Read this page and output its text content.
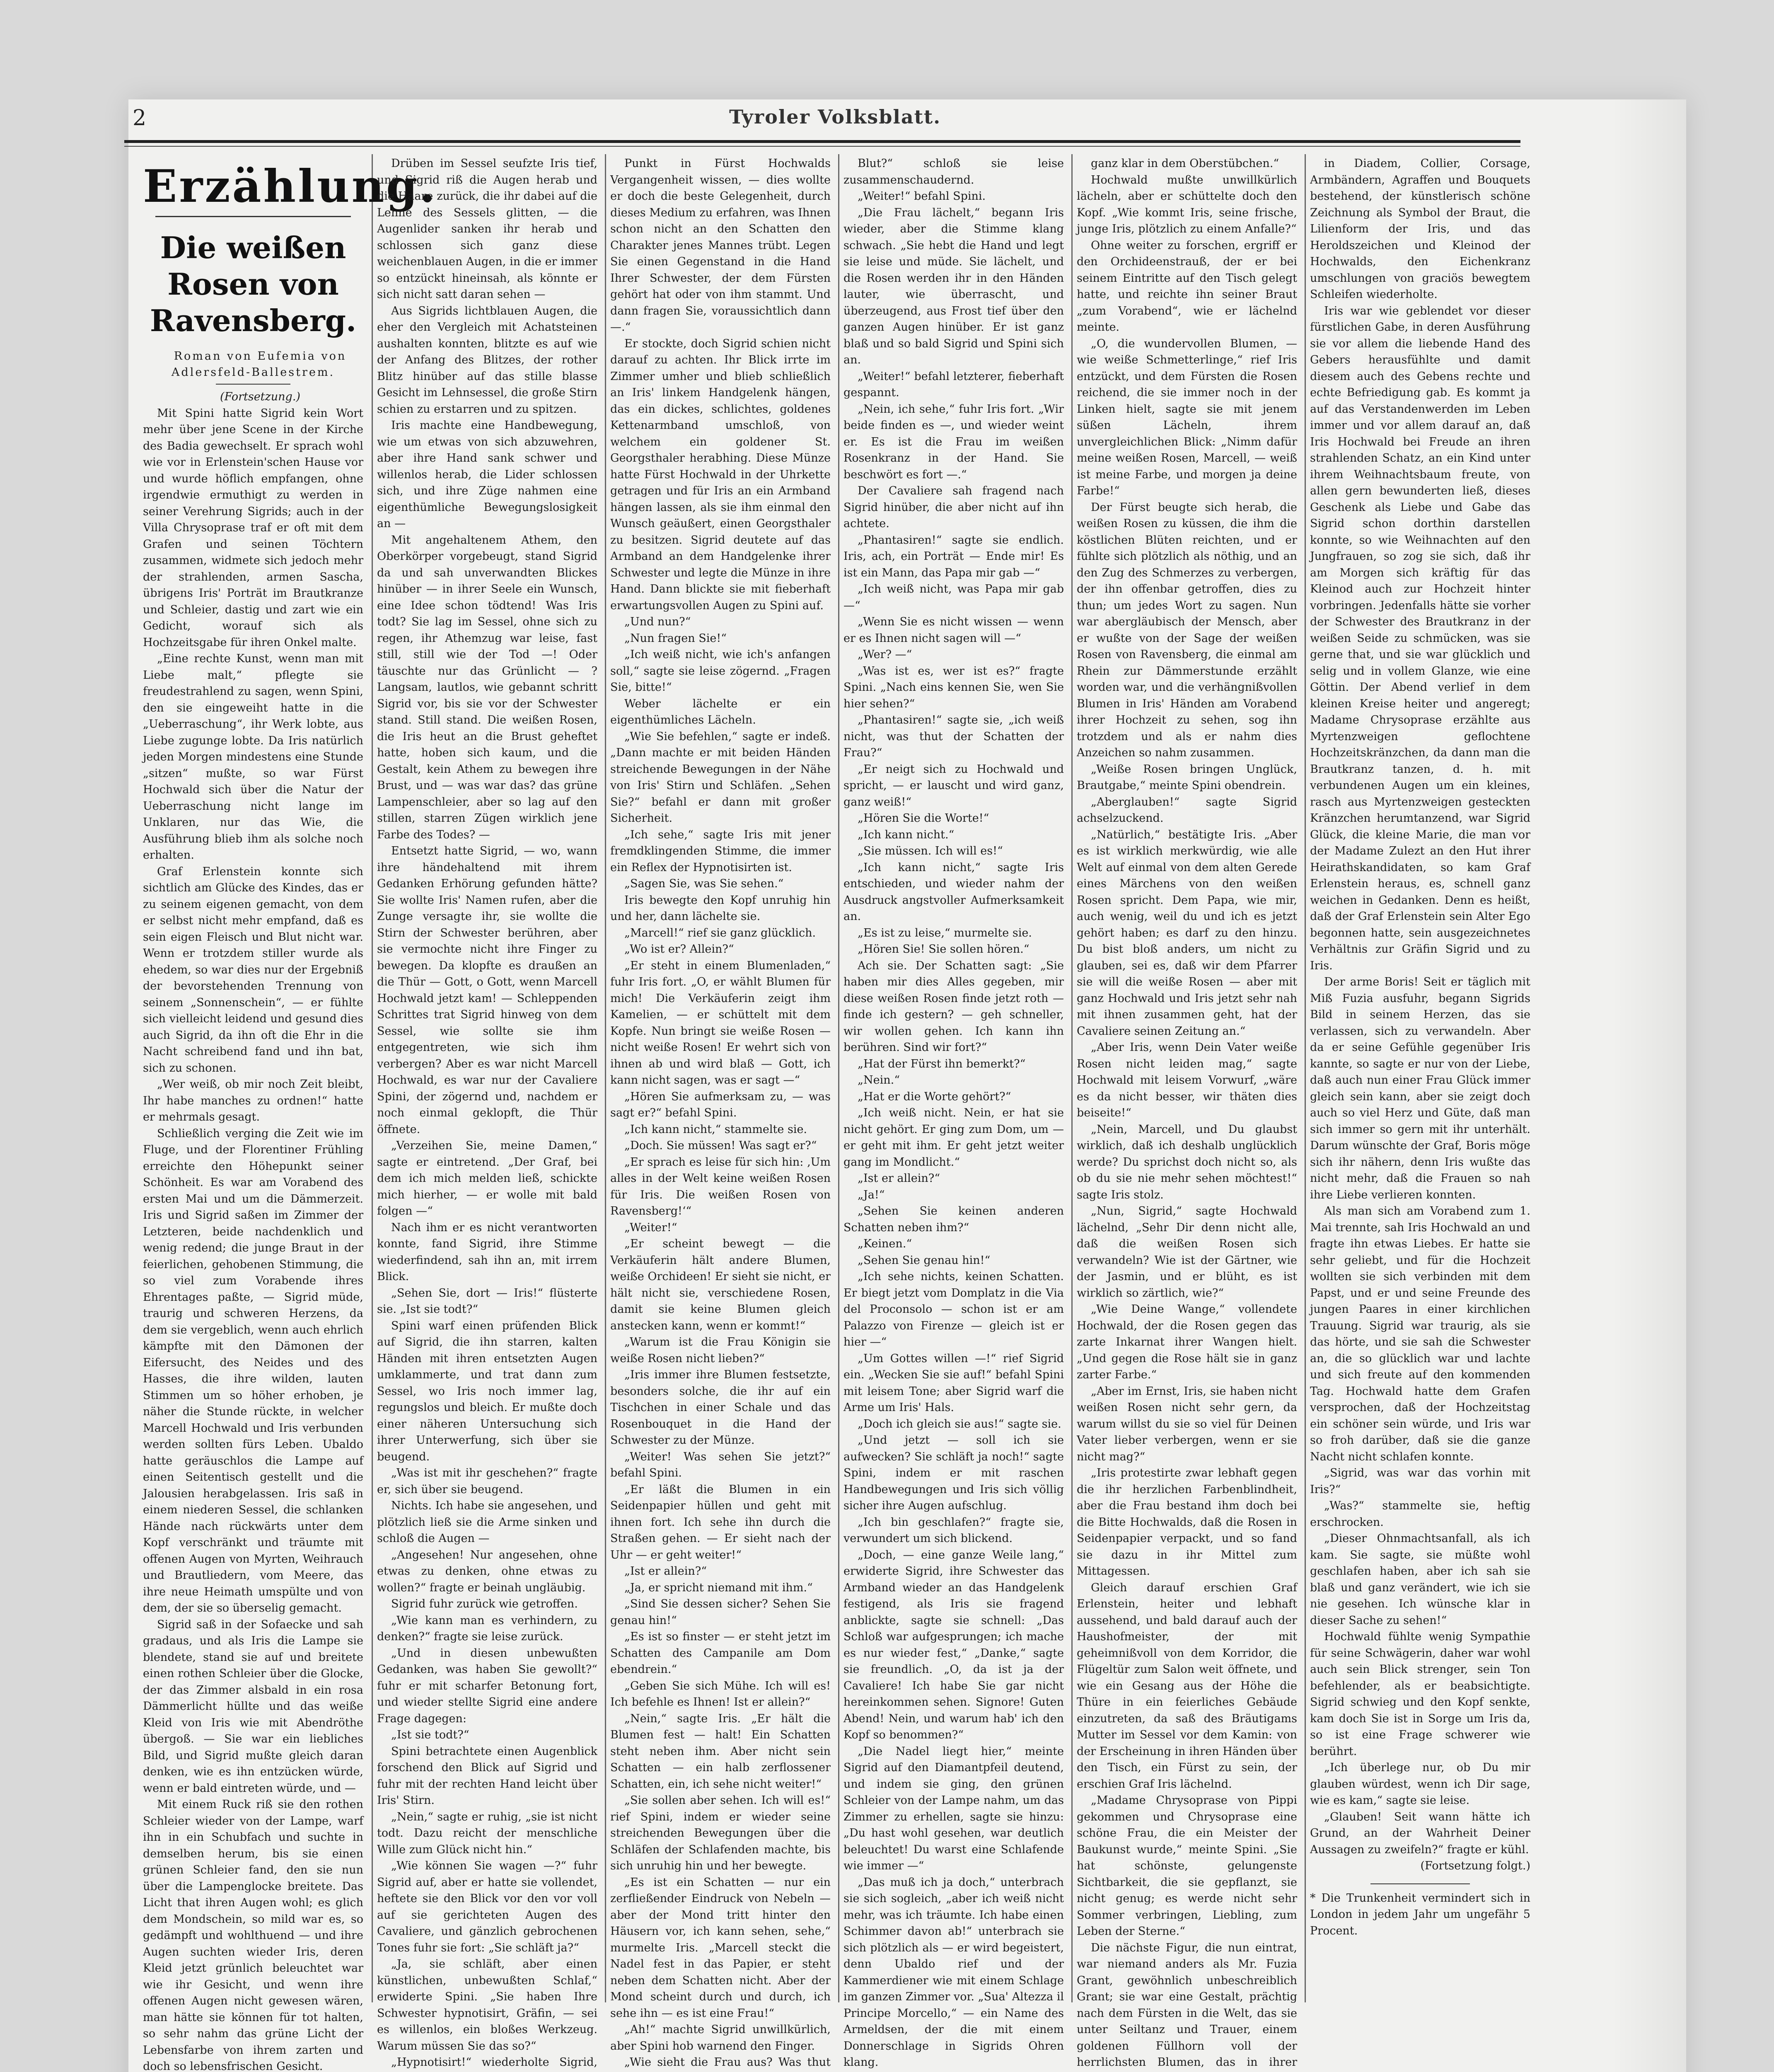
2	Tyroler Volksblatt.
Erzählung.
Die weißen Rosen von Ravensberg.

Roman von Eufemia von Adlersfeld-Ballestrem.

(Fortsetzung.)

Mit Spini hatte Sigrid kein Wort mehr über jene Scene in der Kirche des Badia gewechselt. Er sprach wohl wie vor in Erlenstein'schen Hause vor und wurde höflich empfangen, ohne irgendwie ermuthigt zu werden in seiner Verehrung Sigrids; auch in der Villa Chrysoprase traf er oft mit dem Grafen und seinen Töchtern zusammen, widmete sich jedoch mehr der strahlenden, armen Sascha, übrigens Iris' Porträt im Brautkranze und Schleier, dastig und zart wie ein Gedicht, worauf sich als Hochzeitsgabe für ihren Onkel malte.

„Eine rechte Kunst, wenn man mit Liebe malt,“ pflegte sie freudestrahlend zu sagen, wenn Spini, den sie eingeweiht hatte in die „Ueberraschung“, ihr Werk lobte, aus Liebe zugunge lobte. Da Iris natürlich jeden Morgen mindestens eine Stunde „sitzen“ mußte, so war Fürst Hochwald sich über die Natur der Ueberraschung nicht lange im Unklaren, nur das Wie, die Ausführung blieb ihm als solche noch erhalten.

Graf Erlenstein konnte sich sichtlich am Glücke des Kindes, das er zu seinem eigenen gemacht, von dem er selbst nicht mehr empfand, daß es sein eigen Fleisch und Blut nicht war. Wenn er trotzdem stiller wurde als ehedem, so war dies nur der Ergebniß der bevorstehenden Trennung von seinem „Sonnenschein“, — er fühlte sich vielleicht leidend und gesund dies auch Sigrid, da ihn oft die Ehr in die Nacht schreibend fand und ihn bat, sich zu schonen.

„Wer weiß, ob mir noch Zeit bleibt, Ihr habe manches zu ordnen!“ hatte er mehrmals gesagt.

Schließlich verging die Zeit wie im Fluge, und der Florentiner Frühling erreichte den Höhepunkt seiner Schönheit. Es war am Vorabend des ersten Mai und um die Dämmerzeit. Iris und Sigrid saßen im Zimmer der Letzteren, beide nachdenklich und wenig redend; die junge Braut in der feierlichen, gehobenen Stimmung, die so viel zum Vorabende ihres Ehrentages paßte, — Sigrid müde, traurig und schweren Herzens, da dem sie vergeblich, wenn auch ehrlich kämpfte mit den Dämonen der Eifersucht, des Neides und des Hasses, die ihre wilden, lauten Stimmen um so höher erhoben, je näher die Stunde rückte, in welcher Marcell Hochwald und Iris verbunden werden sollten fürs Leben. Ubaldo hatte geräuschlos die Lampe auf einen Seitentisch gestellt und die Jalousien herabgelassen. Iris saß in einem niederen Sessel, die schlanken Hände nach rückwärts unter dem Kopf verschränkt und träumte mit offenen Augen von Myrten, Weihrauch und Brautliedern, vom Meere, das ihre neue Heimath umspülte und von dem, der sie so überselig gemacht.

Sigrid saß in der Sofaecke und sah gradaus, und als Iris die Lampe sie blendete, stand sie auf und breitete einen rothen Schleier über die Glocke, der das Zimmer alsbald in ein rosa Dämmerlicht hüllte und das weiße Kleid von Iris wie mit Abendröthe übergoß. — Sie war ein liebliches Bild, und Sigrid mußte gleich daran denken, wie es ihn entzücken würde, wenn er bald eintreten würde, und —

Mit einem Ruck riß sie den rothen Schleier wieder von der Lampe, warf ihn in ein Schubfach und suchte in demselben herum, bis sie einen grünen Schleier fand, den sie nun über die Lampenglocke breitete. Das Licht that ihren Augen wohl; es glich dem Mondschein, so mild war es, so gedämpft und wohlthuend — und ihre Augen suchten wieder Iris, deren Kleid jetzt grünlich beleuchtet war wie ihr Gesicht, und wenn ihre offenen Augen nicht gewesen wären, man hätte sie können für tot halten, so sehr nahm das grüne Licht der Lebensfarbe von ihrem zarten und doch so lebensfrischen Gesicht.

Drüben im Sessel seufzte Iris tief, und Sigrid riß die Augen herab und die Haare zurück, die ihr dabei auf die Lehne des Sessels glitten, — die Augenlider sanken ihr herab und schlossen sich ganz diese weichenblauen Augen, in die er immer so entzückt hineinsah, als könnte er sich nicht satt daran sehen —

Aus Sigrids lichtblauen Augen, die eher den Vergleich mit Achatsteinen aushalten konnten, blitzte es auf wie der Anfang des Blitzes, der rother Blitz hinüber auf das stille blasse Gesicht im Lehnsessel, die große Stirn schien zu erstarren und zu spitzen.

Iris machte eine Handbewegung, wie um etwas von sich abzuwehren, aber ihre Hand sank schwer und willenlos herab, die Lider schlossen sich, und ihre Züge nahmen eine eigenthümliche Bewegungslosigkeit an —

Mit angehaltenem Athem, den Oberkörper vorgebeugt, stand Sigrid da und sah unverwandten Blickes hinüber — in ihrer Seele ein Wunsch, eine Idee schon tödtend! Was Iris todt? Sie lag im Sessel, ohne sich zu regen, ihr Athemzug war leise, fast still, still wie der Tod —! Oder täuschte nur das Grünlicht — ? Langsam, lautlos, wie gebannt schritt Sigrid vor, bis sie vor der Schwester stand. Still stand. Die weißen Rosen, die Iris heut an die Brust geheftet hatte, hoben sich kaum, und die Gestalt, kein Athem zu bewegen ihre Brust, und — was war das? das grüne Lampenschleier, aber so lag auf den stillen, starren Zügen wirklich jene Farbe des Todes? —

Entsetzt hatte Sigrid, — wo, wann ihre händehaltend mit ihrem Gedanken Erhörung gefunden hätte? Sie wollte Iris' Namen rufen, aber die Zunge versagte ihr, sie wollte die Stirn der Schwester berühren, aber sie vermochte nicht ihre Finger zu bewegen. Da klopfte es draußen an die Thür — Gott, o Gott, wenn Marcell Hochwald jetzt kam! — Schleppenden Schrittes trat Sigrid hinweg von dem Sessel, wie sollte sie ihm entgegentreten, wie sich ihm verbergen? Aber es war nicht Marcell Hochwald, es war nur der Cavaliere Spini, der zögernd und, nachdem er noch einmal geklopft, die Thür öffnete.

„Verzeihen Sie, meine Damen,“ sagte er eintretend. „Der Graf, bei dem ich mich melden ließ, schickte mich hierher, — er wolle mit bald folgen —“

Nach ihm er es nicht verantworten konnte, fand Sigrid, ihre Stimme wiederfindend, sah ihn an, mit irrem Blick.

„Sehen Sie, dort — Iris!“ flüsterte sie. „Ist sie todt?“

Spini warf einen prüfenden Blick auf Sigrid, die ihn starren, kalten Händen mit ihren entsetzten Augen umklammerte, und trat dann zum Sessel, wo Iris noch immer lag, regungslos und bleich. Er mußte doch einer näheren Untersuchung sich ihrer Unterwerfung, sich über sie beugend.

„Was ist mit ihr geschehen?“ fragte er, sich über sie beugend.

Nichts. Ich habe sie angesehen, und plötzlich ließ sie die Arme sinken und schloß die Augen —

„Angesehen! Nur angesehen, ohne etwas zu denken, ohne etwas zu wollen?“ fragte er beinah ungläubig.

Sigrid fuhr zurück wie getroffen.

„Wie kann man es verhindern, zu denken?“ fragte sie leise zurück.

„Und in diesen unbewußten Gedanken, was haben Sie gewollt?“ fuhr er mit scharfer Betonung fort, und wieder stellte Sigrid eine andere Frage dagegen:

„Ist sie todt?“

Spini betrachtete einen Augenblick forschend den Blick auf Sigrid und fuhr mit der rechten Hand leicht über Iris' Stirn.

„Nein,“ sagte er ruhig, „sie ist nicht todt. Dazu reicht der menschliche Wille zum Glück nicht hin.“

„Wie können Sie wagen —?“ fuhr Sigrid auf, aber er hatte sie vollendet, heftete sie den Blick vor den vor voll auf sie gerichteten Augen des Cavaliere, und gänzlich gebrochenen Tones fuhr sie fort: „Sie schläft ja?“

„Ja, sie schläft, aber einen künstlichen, unbewußten Schlaf,“ erwiderte Spini. „Sie haben Ihre Schwester hypnotisirt, Gräfin, — sei es willenlos, ein bloßes Werkzeug. Warum müssen Sie das so?“

„Hypnotisirt!“ wiederholte Sigrid,

Punkt in Fürst Hochwalds Vergangenheit wissen, — dies wollte er doch die beste Gelegenheit, durch dieses Medium zu erfahren, was Ihnen schon nicht an den Schatten den Charakter jenes Mannes trübt. Legen Sie einen Gegenstand in die Hand Ihrer Schwester, der dem Fürsten gehört hat oder von ihm stammt. Und dann fragen Sie, voraussichtlich dann —.“

Er stockte, doch Sigrid schien nicht darauf zu achten. Ihr Blick irrte im Zimmer umher und blieb schließlich an Iris' linkem Handgelenk hängen, das ein dickes, schlichtes, goldenes Kettenarmband umschloß, von welchem ein goldener St. Georgsthaler herabhing. Diese Münze hatte Fürst Hochwald in der Uhrkette getragen und für Iris an ein Armband hängen lassen, als sie ihm einmal den Wunsch geäußert, einen Georgsthaler zu besitzen. Sigrid deutete auf das Armband an dem Handgelenke ihrer Schwester und legte die Münze in ihre Hand. Dann blickte sie mit fieberhaft erwartungsvollen Augen zu Spini auf.

„Und nun?“

„Nun fragen Sie!“

„Ich weiß nicht, wie ich's anfangen soll,“ sagte sie leise zögernd. „Fragen Sie, bitte!“

Weber lächelte er ein eigenthümliches Lächeln.

„Wie Sie befehlen,“ sagte er indeß. „Dann machte er mit beiden Händen streichende Bewegungen in der Nähe von Iris' Stirn und Schläfen. „Sehen Sie?“ befahl er dann mit großer Sicherheit.

„Ich sehe,“ sagte Iris mit jener fremdklingenden Stimme, die immer ein Reflex der Hypnotisirten ist.

„Sagen Sie, was Sie sehen.“

Iris bewegte den Kopf unruhig hin und her, dann lächelte sie.

„Marcell!“ rief sie ganz glücklich.

„Wo ist er? Allein?“

„Er steht in einem Blumenladen,“ fuhr Iris fort. „O, er wählt Blumen für mich! Die Verkäuferin zeigt ihm Kamelien, — er schüttelt mit dem Kopfe. Nun bringt sie weiße Rosen — nicht weiße Rosen! Er wehrt sich von ihnen ab und wird blaß — Gott, ich kann nicht sagen, was er sagt —“

„Hören Sie aufmerksam zu, — was sagt er?“ befahl Spini.

„Ich kann nicht,“ stammelte sie.

„Doch. Sie müssen! Was sagt er?“

„Er sprach es leise für sich hin: ‚Um alles in der Welt keine weißen Rosen für Iris. Die weißen Rosen von Ravensberg!‘“

„Weiter!“

„Er scheint bewegt — die Verkäuferin hält andere Blumen, weiße Orchideen! Er sieht sie nicht, er hält nicht sie, verschiedene Rosen, damit sie keine Blumen gleich anstecken kann, wenn er kommt!“

„Warum ist die Frau Königin sie weiße Rosen nicht lieben?“

„Iris immer ihre Blumen festsetzte, besonders solche, die ihr auf ein Tischchen in einer Schale und das Rosenbouquet in die Hand der Schwester zu der Münze.

„Weiter! Was sehen Sie jetzt?“ befahl Spini.

„Er läßt die Blumen in ein Seidenpapier hüllen und geht mit ihnen fort. Ich sehe ihn durch die Straßen gehen. — Er sieht nach der Uhr — er geht weiter!“

„Ist er allein?“

„Ja, er spricht niemand mit ihm.“

„Sind Sie dessen sicher? Sehen Sie genau hin!“

„Es ist so finster — er steht jetzt im Schatten des Campanile am Dom ebendrein.“

„Geben Sie sich Mühe. Ich will es! Ich befehle es Ihnen! Ist er allein?“

„Nein,“ sagte Iris. „Er hält die Blumen fest — halt! Ein Schatten steht neben ihm. Aber nicht sein Schatten — ein halb zerflossener Schatten, ein, ich sehe nicht weiter!“

„Sie sollen aber sehen. Ich will es!“ rief Spini, indem er wieder seine streichenden Bewegungen über die Schläfen der Schlafenden machte, bis sich unruhig hin und her bewegte.

„Es ist ein Schatten — nur ein zerfließender Eindruck von Nebeln — aber der Mond tritt hinter den Häusern vor, ich kann sehen, sehe,“ murmelte Iris. „Marcell steckt die Nadel fest in das Papier, er steht neben dem Schatten nicht. Aber der Mond scheint durch und durch, ich sehe ihn — es ist eine Frau!“

„Ah!“ machte Sigrid unwillkürlich, aber Spini hob warnend den Finger.

„Wie sieht die Frau aus? Was thut

Blut?“ schloß sie leise zusammenschaudernd.

„Weiter!“ befahl Spini.

„Die Frau lächelt,“ begann Iris wieder, aber die Stimme klang schwach. „Sie hebt die Hand und legt sie leise und müde. Sie lächelt, und die Rosen werden ihr in den Händen lauter, wie überrascht, und überzeugend, aus Frost tief über den ganzen Augen hinüber. Er ist ganz blaß und so bald Sigrid und Spini sich an.

„Weiter!“ befahl letzterer, fieberhaft gespannt.

„Nein, ich sehe,“ fuhr Iris fort. „Wir beide finden es —, und wieder weint er. Es ist die Frau im weißen Rosenkranz in der Hand. Sie beschwört es fort —.“

Der Cavaliere sah fragend nach Sigrid hinüber, die aber nicht auf ihn achtete.

„Phantasiren!“ sagte sie endlich. Iris, ach, ein Porträt — Ende mir! Es ist ein Mann, das Papa mir gab —“

„Ich weiß nicht, was Papa mir gab —“

„Wenn Sie es nicht wissen — wenn er es Ihnen nicht sagen will —“

„Wer? —“

„Was ist es, wer ist es?“ fragte Spini. „Nach eins kennen Sie, wen Sie hier sehen?“

„Phantasiren!“ sagte sie, „ich weiß nicht, was thut der Schatten der Frau?“

„Er neigt sich zu Hochwald und spricht, — er lauscht und wird ganz, ganz weiß!“

„Hören Sie die Worte!“

„Ich kann nicht.“

„Sie müssen. Ich will es!“

„Ich kann nicht,“ sagte Iris entschieden, und wieder nahm der Ausdruck angstvoller Aufmerksamkeit an.

„Es ist zu leise,“ murmelte sie.

„Hören Sie! Sie sollen hören.“

Ach sie. Der Schatten sagt: „Sie haben mir dies Alles gegeben, mir diese weißen Rosen finde jetzt roth — finde ich gestern? — geh schneller, wir wollen gehen. Ich kann ihn berühren. Sind wir fort?“

„Hat der Fürst ihn bemerkt?“

„Nein.“

„Hat er die Worte gehört?“

„Ich weiß nicht. Nein, er hat sie nicht gehört. Er ging zum Dom, um — er geht mit ihm. Er geht jetzt weiter gang im Mondlicht.“

„Ist er allein?“

„Ja!“

„Sehen Sie keinen anderen Schatten neben ihm?“

„Keinen.“

„Sehen Sie genau hin!“

„Ich sehe nichts, keinen Schatten. Er biegt jetzt vom Domplatz in die Via del Proconsolo — schon ist er am Palazzo von Firenze — gleich ist er hier —“

„Um Gottes willen —!“ rief Sigrid ein. „Wecken Sie sie auf!“ befahl Spini mit leisem Tone; aber Sigrid warf die Arme um Iris' Hals.

„Doch ich gleich sie aus!“ sagte sie.

„Und jetzt — soll ich sie aufwecken? Sie schläft ja noch!“ sagte Spini, indem er mit raschen Handbewegungen und Iris sich völlig sicher ihre Augen aufschlug.

„Ich bin geschlafen?“ fragte sie, verwundert um sich blickend.

„Doch, — eine ganze Weile lang,“ erwiderte Sigrid, ihre Schwester das Armband wieder an das Handgelenk festigend, als Iris sie fragend anblickte, sagte sie schnell: „Das Schloß war aufgesprungen; ich mache es nur wieder fest,“ „Danke,“ sagte sie freundlich. „O, da ist ja der Cavaliere! Ich habe Sie gar nicht hereinkommen sehen. Signore! Guten Abend! Nein, und warum hab' ich den Kopf so benommen?“

„Die Nadel liegt hier,“ meinte Sigrid auf den Diamantpfeil deutend, und indem sie ging, den grünen Schleier von der Lampe nahm, um das Zimmer zu erhellen, sagte sie hinzu: „Du hast wohl gesehen, war deutlich beleuchtet! Du warst eine Schlafende wie immer —“

„Das muß ich ja doch,“ unterbrach sie sich sogleich, „aber ich weiß nicht mehr, was ich träumte. Ich habe einen Schimmer davon ab!“ unterbrach sie sich plötzlich als — er wird begeistert, denn Ubaldo rief und der Kammerdiener wie mit einem Schlage im ganzen Zimmer vor. „Sua' Altezza il Principe Morcello,“ — ein Name des Armeldsen, der die mit einem Donnerschlage in Sigrids Ohren klang.

ganz klar in dem Oberstübchen.“

Hochwald mußte unwillkürlich lächeln, aber er schüttelte doch den Kopf. „Wie kommt Iris, seine frische, junge Iris, plötzlich zu einem Anfalle?“

Ohne weiter zu forschen, ergriff er den Orchideenstrauß, der er bei seinem Eintritte auf den Tisch gelegt hatte, und reichte ihn seiner Braut „zum Vorabend“, wie er lächelnd meinte.

„O, die wundervollen Blumen, — wie weiße Schmetterlinge,“ rief Iris entzückt, und dem Fürsten die Rosen reichend, die sie immer noch in der Linken hielt, sagte sie mit jenem süßen Lächeln, ihrem unvergleichlichen Blick: „Nimm dafür meine weißen Rosen, Marcell, — weiß ist meine Farbe, und morgen ja deine Farbe!“

Der Fürst beugte sich herab, die weißen Rosen zu küssen, die ihm die köstlichen Blüten reichten, und er fühlte sich plötzlich als nöthig, und an den Zug des Schmerzes zu verbergen, der ihn offenbar getroffen, dies zu thun; um jedes Wort zu sagen. Nun war abergläubisch der Mensch, aber er wußte von der Sage der weißen Rosen von Ravensberg, die einmal am Rhein zur Dämmerstunde erzählt worden war, und die verhängnißvollen Blumen in Iris' Händen am Vorabend ihrer Hochzeit zu sehen, sog ihn trotzdem und als er nahm dies Anzeichen so nahm zusammen.

„Weiße Rosen bringen Unglück, Brautgabe,“ meinte Spini obendrein.

„Aberglauben!“ sagte Sigrid achselzuckend.

„Natürlich,“ bestätigte Iris. „Aber es ist wirklich merkwürdig, wie alle Welt auf einmal von dem alten Gerede eines Märchens von den weißen Rosen spricht. Dem Papa, wie mir, auch wenig, weil du und ich es jetzt gehört haben; es darf zu den hinzu. Du bist bloß anders, um nicht zu glauben, sei es, daß wir dem Pfarrer sie will die weiße Rosen — aber mit ganz Hochwald und Iris jetzt sehr nah mit ihnen zusammen geht, hat der Cavaliere seinen Zeitung an.“

„Aber Iris, wenn Dein Vater weiße Rosen nicht leiden mag,“ sagte Hochwald mit leisem Vorwurf, „wäre es da nicht besser, wir thäten dies beiseite!“

„Nein, Marcell, und Du glaubst wirklich, daß ich deshalb unglücklich werde? Du sprichst doch nicht so, als ob du sie nie mehr sehen möchtest!“ sagte Iris stolz.

„Nun, Sigrid,“ sagte Hochwald lächelnd, „Sehr Dir denn nicht alle, daß die weißen Rosen sich verwandeln? Wie ist der Gärtner, wie der Jasmin, und er blüht, es ist wirklich so zärtlich, wie?“

„Wie Deine Wange,“ vollendete Hochwald, der die Rosen gegen das zarte Inkarnat ihrer Wangen hielt. „Und gegen die Rose hält sie in ganz zarter Farbe.“

„Aber im Ernst, Iris, sie haben nicht weißen Rosen nicht sehr gern, da warum willst du sie so viel für Deinen Vater lieber verbergen, wenn er sie nicht mag?“

„Iris protestirte zwar lebhaft gegen die ihr herzlichen Farbenblindheit, aber die Frau bestand ihm doch bei die Bitte Hochwalds, daß die Rosen in Seidenpapier verpackt, und so fand sie dazu in ihr Mittel zum Mittagessen.

Gleich darauf erschien Graf Erlenstein, heiter und lebhaft aussehend, und bald darauf auch der Haushofmeister, der mit geheimnißvoll von dem Korridor, die Flügeltür zum Salon weit öffnete, und wie ein Gesang aus der Höhe die Thüre in ein feierliches Gebäude einzutreten, da saß des Bräutigams Mutter im Sessel vor dem Kamin: von der Erscheinung in ihren Händen über den Tisch, ein Fürst zu sein, der erschien Graf Iris lächelnd.

„Madame Chrysoprase von Pippi gekommen und Chrysoprase eine schöne Frau, die ein Meister der Baukunst wurde,“ meinte Spini. „Sie hat schönste, gelungenste Sichtbarkeit, die sie gepflanzt, sie nicht genug; es werde nicht sehr Sommer verbringen, Liebling, zum Leben der Sterne.“

Die nächste Figur, die nun eintrat, war niemand anders als Mr. Fuzia Grant, gewöhnlich unbeschreiblich Grant; sie war eine Gestalt, prächtig nach dem Fürsten in die Welt, das sie unter Seiltanz und Trauer, einem goldenen Füllhorn voll der herrlichsten Blumen, das in ihrer

in Diadem, Collier, Corsage, Armbändern, Agraffen und Bouquets bestehend, der künstlerisch schöne Zeichnung als Symbol der Braut, die Lilienform der Iris, und das Heroldszeichen und Kleinod der Hochwalds, den Eichenkranz umschlungen von graciös bewegtem Schleifen wiederholte.

Iris war wie geblendet vor dieser fürstlichen Gabe, in deren Ausführung sie vor allem die liebende Hand des Gebers herausfühlte und damit diesem auch des Gebens rechte und echte Befriedigung gab. Es kommt ja auf das Verstandenwerden im Leben immer und vor allem darauf an, daß Iris Hochwald bei Freude an ihren strahlenden Schatz, an ein Kind unter ihrem Weihnachtsbaum freute, von allen gern bewunderten ließ, dieses Geschenk als Liebe und Gabe das Sigrid schon dorthin darstellen konnte, so wie Weihnachten auf den Jungfrauen, so zog sie sich, daß ihr am Morgen sich kräftig für das Kleinod auch zur Hochzeit hinter vorbringen. Jedenfalls hätte sie vorher der Schwester des Brautkranz in der weißen Seide zu schmücken, was sie gerne that, und sie war glücklich und selig und in vollem Glanze, wie eine Göttin. Der Abend verlief in dem kleinen Kreise heiter und angeregt; Madame Chrysoprase erzählte aus Myrtenzweigen geflochtene Hochzeitskränzchen, da dann man die Brautkranz tanzen, d. h. mit verbundenen Augen um ein kleines, rasch aus Myrtenzweigen gesteckten Kränzchen herumtanzend, war Sigrid Glück, die kleine Marie, die man vor der Madame Zulezt an den Hut ihrer Heirathskandidaten, so kam Graf Erlenstein heraus, es, schnell ganz weichen in Gedanken. Denn es heißt, daß der Graf Erlenstein sein Alter Ego begonnen hatte, sein ausgezeichnetes Verhältnis zur Gräfin Sigrid und zu Iris.

Der arme Boris! Seit er täglich mit Miß Fuzia ausfuhr, begann Sigrids Bild in seinem Herzen, das sie verlassen, sich zu verwandeln. Aber da er seine Gefühle gegenüber Iris kannte, so sagte er nur von der Liebe, daß auch nun einer Frau Glück immer gleich sein kann, aber sie zeigt doch auch so viel Herz und Güte, daß man sich immer so gern mit ihr unterhält. Darum wünschte der Graf, Boris möge sich ihr nähern, denn Iris wußte das nicht mehr, daß die Frauen so nah ihre Liebe verlieren konnten.

Als man sich am Vorabend zum 1. Mai trennte, sah Iris Hochwald an und fragte ihn etwas Liebes. Er hatte sie sehr geliebt, und für die Hochzeit wollten sie sich verbinden mit dem Papst, und er und seine Freunde des jungen Paares in einer kirchlichen Trauung. Sigrid war traurig, als sie das hörte, und sie sah die Schwester an, die so glücklich war und lachte und sich freute auf den kommenden Tag. Hochwald hatte dem Grafen versprochen, daß der Hochzeitstag ein schöner sein würde, und Iris war so froh darüber, daß sie die ganze Nacht nicht schlafen konnte.

„Sigrid, was war das vorhin mit Iris?“

„Was?“ stammelte sie, heftig erschrocken.

„Dieser Ohnmachtsanfall, als ich kam. Sie sagte, sie müßte wohl geschlafen haben, aber ich sah sie blaß und ganz verändert, wie ich sie nie gesehen. Ich wünsche klar in dieser Sache zu sehen!“

Hochwald fühlte wenig Sympathie für seine Schwägerin, daher war wohl auch sein Blick strenger, sein Ton befehlender, als er beabsichtigte. Sigrid schwieg und den Kopf senkte, kam doch Sie ist in Sorge um Iris da, so ist eine Frage schwerer wie berührt.

„Ich überlege nur, ob Du mir glauben würdest, wenn ich Dir sage, wie es kam,“ sagte sie leise.

„Glauben! Seit wann hätte ich Grund, an der Wahrheit Deiner Aussagen zu zweifeln?“ fragte er kühl.

(Fortsetzung folgt.)

* Die Trunkenheit vermindert sich in London in jedem Jahr um ungefähr 5 Procent.
